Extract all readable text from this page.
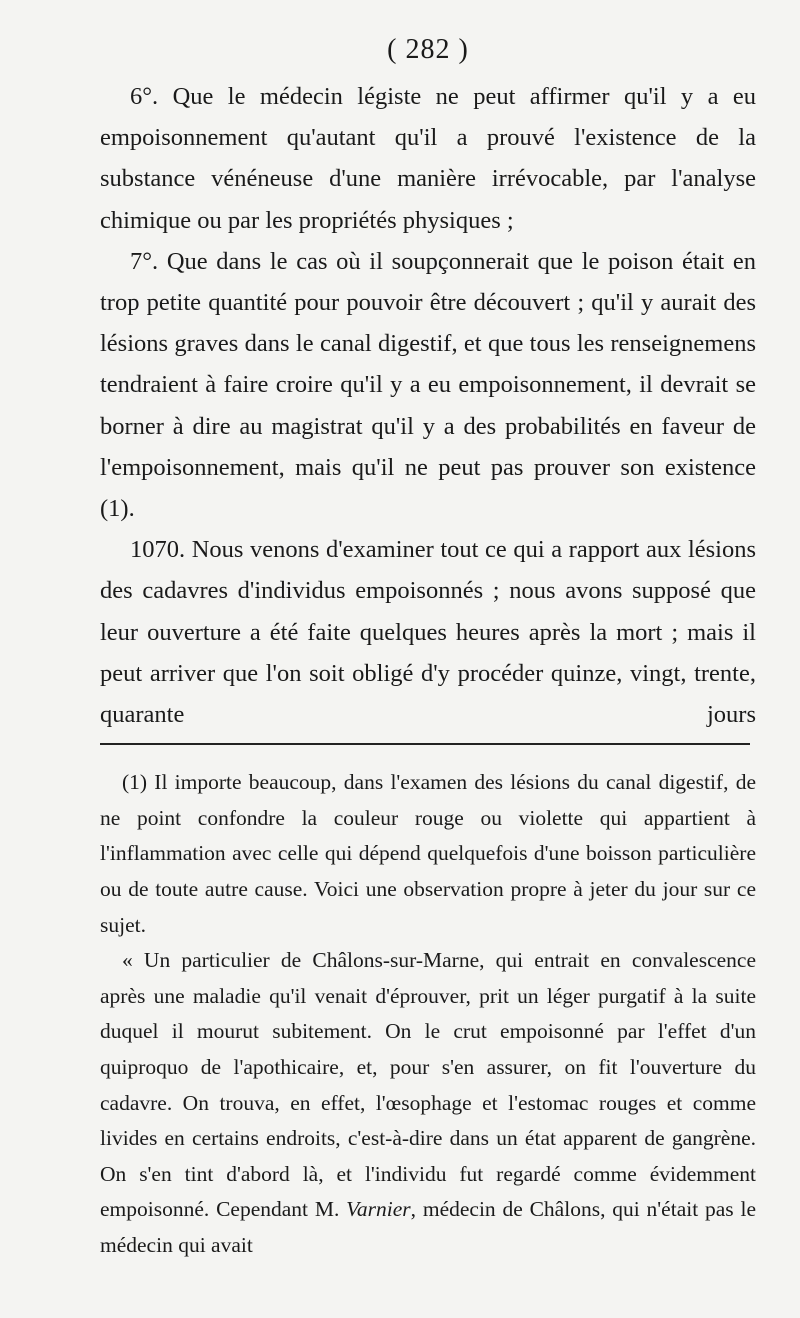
( 282 )

6°. Que le médecin légiste ne peut affirmer qu'il y a eu empoisonnement qu'autant qu'il a prouvé l'existence de la substance vénéneuse d'une manière irrévocable, par l'analyse chimique ou par les propriétés physiques ;

7°. Que dans le cas où il soupçonnerait que le poison était en trop petite quantité pour pouvoir être découvert ; qu'il y aurait des lésions graves dans le canal digestif, et que tous les renseignemens tendraient à faire croire qu'il y a eu empoisonnement, il devrait se borner à dire au magistrat qu'il y a des probabilités en faveur de l'empoisonnement, mais qu'il ne peut pas prouver son existence (1).

1070. Nous venons d'examiner tout ce qui a rapport aux lésions des cadavres d'individus empoisonnés ; nous avons supposé que leur ouverture a été faite quelques heures après la mort ; mais il peut arriver que l'on soit obligé d'y procéder quinze, vingt, trente, quarante jours

(1) Il importe beaucoup, dans l'examen des lésions du canal digestif, de ne point confondre la couleur rouge ou violette qui appartient à l'inflammation avec celle qui dépend quelquefois d'une boisson particulière ou de toute autre cause. Voici une observation propre à jeter du jour sur ce sujet.

« Un particulier de Châlons-sur-Marne, qui entrait en convalescence après une maladie qu'il venait d'éprouver, prit un léger purgatif à la suite duquel il mourut subitement. On le crut empoisonné par l'effet d'un quiproquo de l'apothicaire, et, pour s'en assurer, on fit l'ouverture du cadavre. On trouva, en effet, l'œsophage et l'estomac rouges et comme livides en certains endroits, c'est-à-dire dans un état apparent de gangrène. On s'en tint d'abord là, et l'individu fut regardé comme évidemment empoisonné. Cependant M. Varnier, médecin de Châlons, qui n'était pas le médecin qui avait
